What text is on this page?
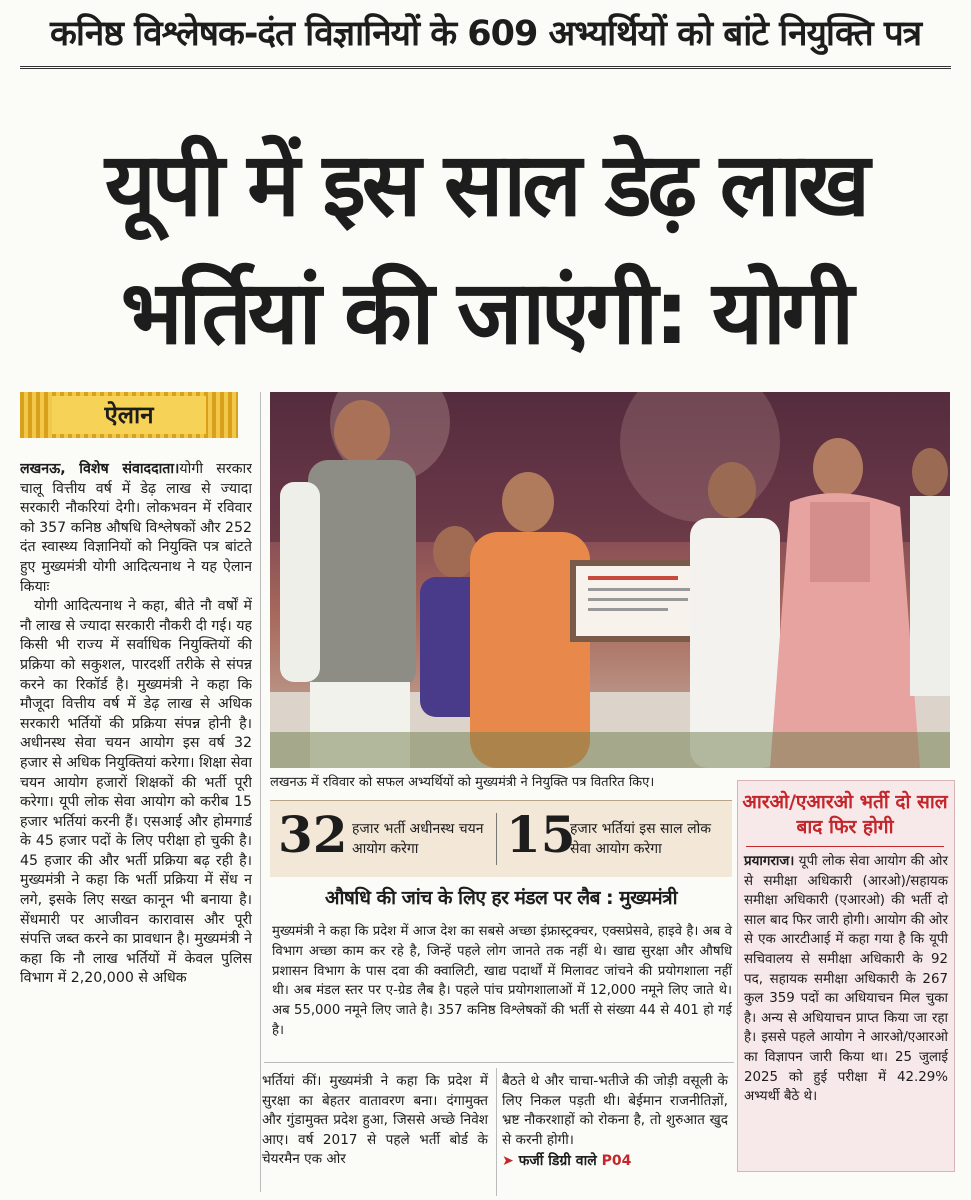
कनिष्ठ विश्लेषक-दंत विज्ञानियों के 609 अभ्यर्थियों को बांटे नियुक्ति पत्र
यूपी में इस साल डेढ़ लाख
भर्तियां की जाएंगी: योगी
ऐलान

लखनऊ, विशेष संवाददाता।योगी सरकार चालू वित्तीय वर्ष में डेढ़ लाख से ज्यादा सरकारी नौकरियां देगी। लोकभवन में रविवार को 357 कनिष्ठ औषधि विश्लेषकों और 252 दंत स्वास्थ्य विज्ञानियों को नियुक्ति पत्र बांटते हुए मुख्यमंत्री योगी आदित्यनाथ ने यह ऐलान कियाः

योगी आदित्यनाथ ने कहा, बीते नौ वर्षों में नौ लाख से ज्यादा सरकारी नौकरी दी गई। यह किसी भी राज्य में सर्वाधिक नियुक्तियों की प्रक्रिया को सकुशल, पारदर्शी तरीके से संपन्न करने का रिकॉर्ड है। मुख्यमंत्री ने कहा कि मौजूदा वित्तीय वर्ष में डेढ़ लाख से अधिक सरकारी भर्तियों की प्रक्रिया संपन्न होनी है। अधीनस्थ सेवा चयन आयोग इस वर्ष 32 हजार से अधिक नियुक्तियां करेगा। शिक्षा सेवा चयन आयोग हजारों शिक्षकों की भर्ती पूरी करेगा। यूपी लोक सेवा आयोग को करीब 15 हजार भर्तियां करनी हैं। एसआई और होमगार्ड के 45 हजार पदों के लिए परीक्षा हो चुकी है। 45 हजार की और भर्ती प्रक्रिया बढ़ रही है। मुख्यमंत्री ने कहा कि भर्ती प्रक्रिया में सेंध न लगे, इसके लिए सख्त कानून भी बनाया है। सेंधमारी पर आजीवन कारावास और पूरी संपत्ति जब्त करने का प्रावधान है। मुख्यमंत्री ने कहा कि नौ लाख भर्तियों में केवल पुलिस विभाग में 2,20,000 से अधिक

लखनऊ में रविवार को सफल अभ्यर्थियों को मुख्यमंत्री ने नियुक्ति पत्र वितरित किए।
32 हजार भर्ती अधीनस्थ चयन आयोग करेगा	15
हजार भर्तियां इस साल लोक सेवा आयोग करेगा
औषधि की जांच के लिए हर मंडल पर लैब : मुख्यमंत्री
मुख्यमंत्री ने कहा कि प्रदेश में आज देश का सबसे अच्छा इंफ्रास्ट्रक्चर, एक्सप्रेसवे, हाइवे है। अब वे विभाग अच्छा काम कर रहे है, जिन्हें पहले लोग जानते तक नहीं थे। खाद्य सुरक्षा और औषधि प्रशासन विभाग के पास दवा की क्वालिटी, खाद्य पदार्थों में मिलावट जांचने की प्रयोगशाला नहीं थी। अब मंडल स्तर पर ए-ग्रेड लैब है। पहले पांच प्रयोगशालाओं में 12,000 नमूने लिए जाते थे। अब 55,000 नमूने लिए जाते है। 357 कनिष्ठ विश्लेषकों की भर्ती से संख्या 44 से 401 हो गई है।
भर्तियां कीं। मुख्यमंत्री ने कहा कि प्रदेश में सुरक्षा का बेहतर वातावरण बना। दंगामुक्त और गुंडामुक्त प्रदेश हुआ, जिससे अच्छे निवेश आए। वर्ष 2017 से पहले भर्ती बोर्ड के चेयरमैन एक ओर
बैठते थे और चाचा-भतीजे की जोड़ी वसूली के लिए निकल पड़ती थी। बेईमान राजनीतिज्ञों, भ्रष्ट नौकरशाहों को रोकना है, तो शुरुआत खुद से करनी होगी।
➤ फर्जी डिग्री वाले P04
आरओ/एआरओ भर्ती दो साल बाद फिर होगी

प्रयागराज। यूपी लोक सेवा आयोग की ओर से समीक्षा अधिकारी (आरओ)/सहायक समीक्षा अधिकारी (एआरओ) की भर्ती दो साल बाद फिर जारी होगी। आयोग की ओर से एक आरटीआई में कहा गया है कि यूपी सचिवालय से समीक्षा अधिकारी के 92 पद, सहायक समीक्षा अधिकारी के 267 कुल 359 पदों का अधियाचन मिल चुका है। अन्य से अधियाचन प्राप्त किया जा रहा है। इससे पहले आयोग ने आरओ/एआरओ का विज्ञापन जारी किया था। 25 जुलाई 2025 को हुई परीक्षा में 42.29% अभ्यर्थी बैठे थे।
